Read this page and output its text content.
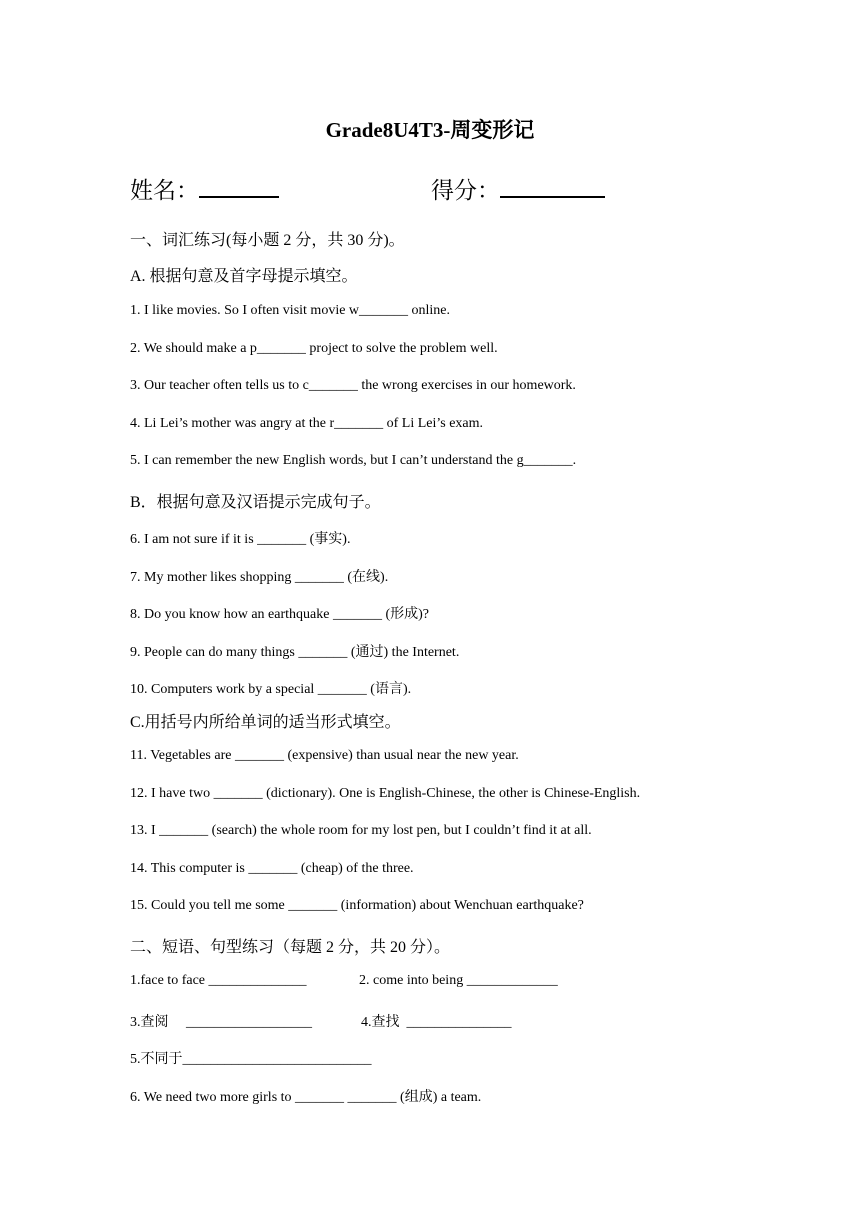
Grade8U4T3-周变形记
姓名：	得分：
一、词汇练习(每小题 2 分，共 30 分)。
A. 根据句意及首字母提示填空。
1. I like movies. So I often visit movie w_______ online.
2. We should make a p_______ project to solve the problem well.
3. Our teacher often tells us to c_______ the wrong exercises in our homework.
4. Li Lei’s mother was angry at the r_______ of Li Lei’s exam.
5. I can remember the new English words, but I can’t understand the g_______.
B．根据句意及汉语提示完成句子。
6. I am not sure if it is _______ (事实).
7. My mother likes shopping _______ (在线).
8. Do you know how an earthquake _______ (形成)?
9. People can do many things _______ (通过) the Internet.
10. Computers work by a special _______ (语言).
C.用括号内所给单词的适当形式填空。
11. Vegetables are _______ (expensive) than usual near the new year.
12. I have two _______ (dictionary). One is English-Chinese, the other is Chinese-English.
13. I _______ (search) the whole room for my lost pen, but I couldn’t find it at all.
14. This computer is _______ (cheap) of the three.
15. Could you tell me some _______ (information) about Wenchuan earthquake?
二、短语、句型练习（每题 2 分，共 20 分）。
1.face to face ______________	2. come into being _____________
3.查阅     __________________	4.查找  _______________
5.不同于___________________________
6. We need two more girls to _______ _______ (组成) a team.
